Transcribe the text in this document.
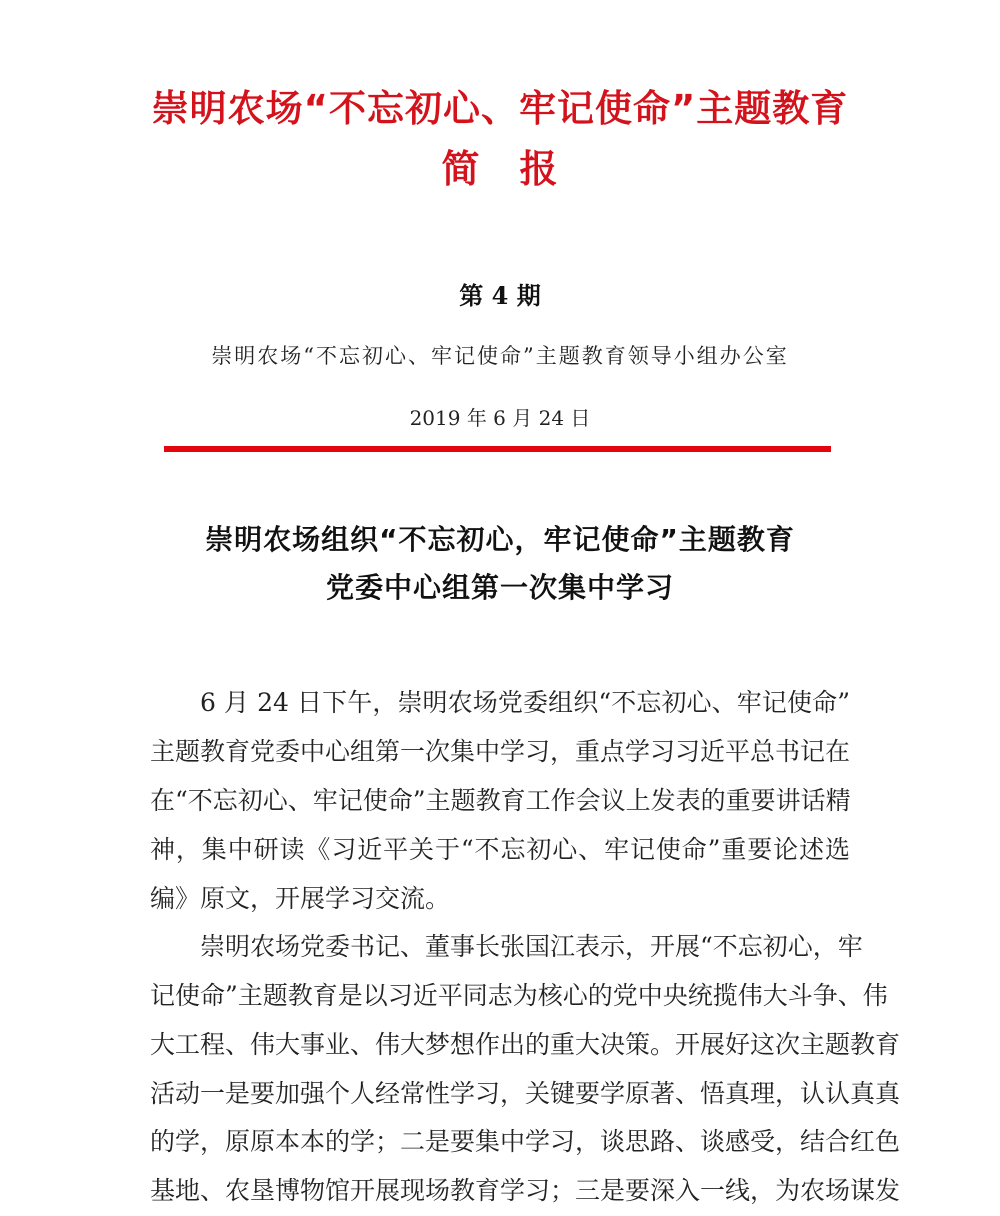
崇明农场“不忘初心、牢记使命”主题教育
简　报
第 4 期
崇明农场“不忘初心、牢记使命”主题教育领导小组办公室
2019 年 6 月 24 日
崇明农场组织“不忘初心，牢记使命”主题教育
党委中心组第一次集中学习
6 月 24 日下午，崇明农场党委组织“不忘初心、牢记使命”
主题教育党委中心组第一次集中学习，重点学习习近平总书记在
在“不忘初心、牢记使命”主题教育工作会议上发表的重要讲话精
神，集中研读《习近平关于“不忘初心、牢记使命”重要论述选
编》原文，开展学习交流。
崇明农场党委书记、董事长张国江表示，开展“不忘初心，牢
记使命”主题教育是以习近平同志为核心的党中央统揽伟大斗争、伟
大工程、伟大事业、伟大梦想作出的重大决策。开展好这次主题教育
活动一是要加强个人经常性学习，关键要学原著、悟真理，认认真真
的学，原原本本的学；二是要集中学习，谈思路、谈感受，结合红色
基地、农垦博物馆开展现场教育学习；三是要深入一线，为农场谋发
